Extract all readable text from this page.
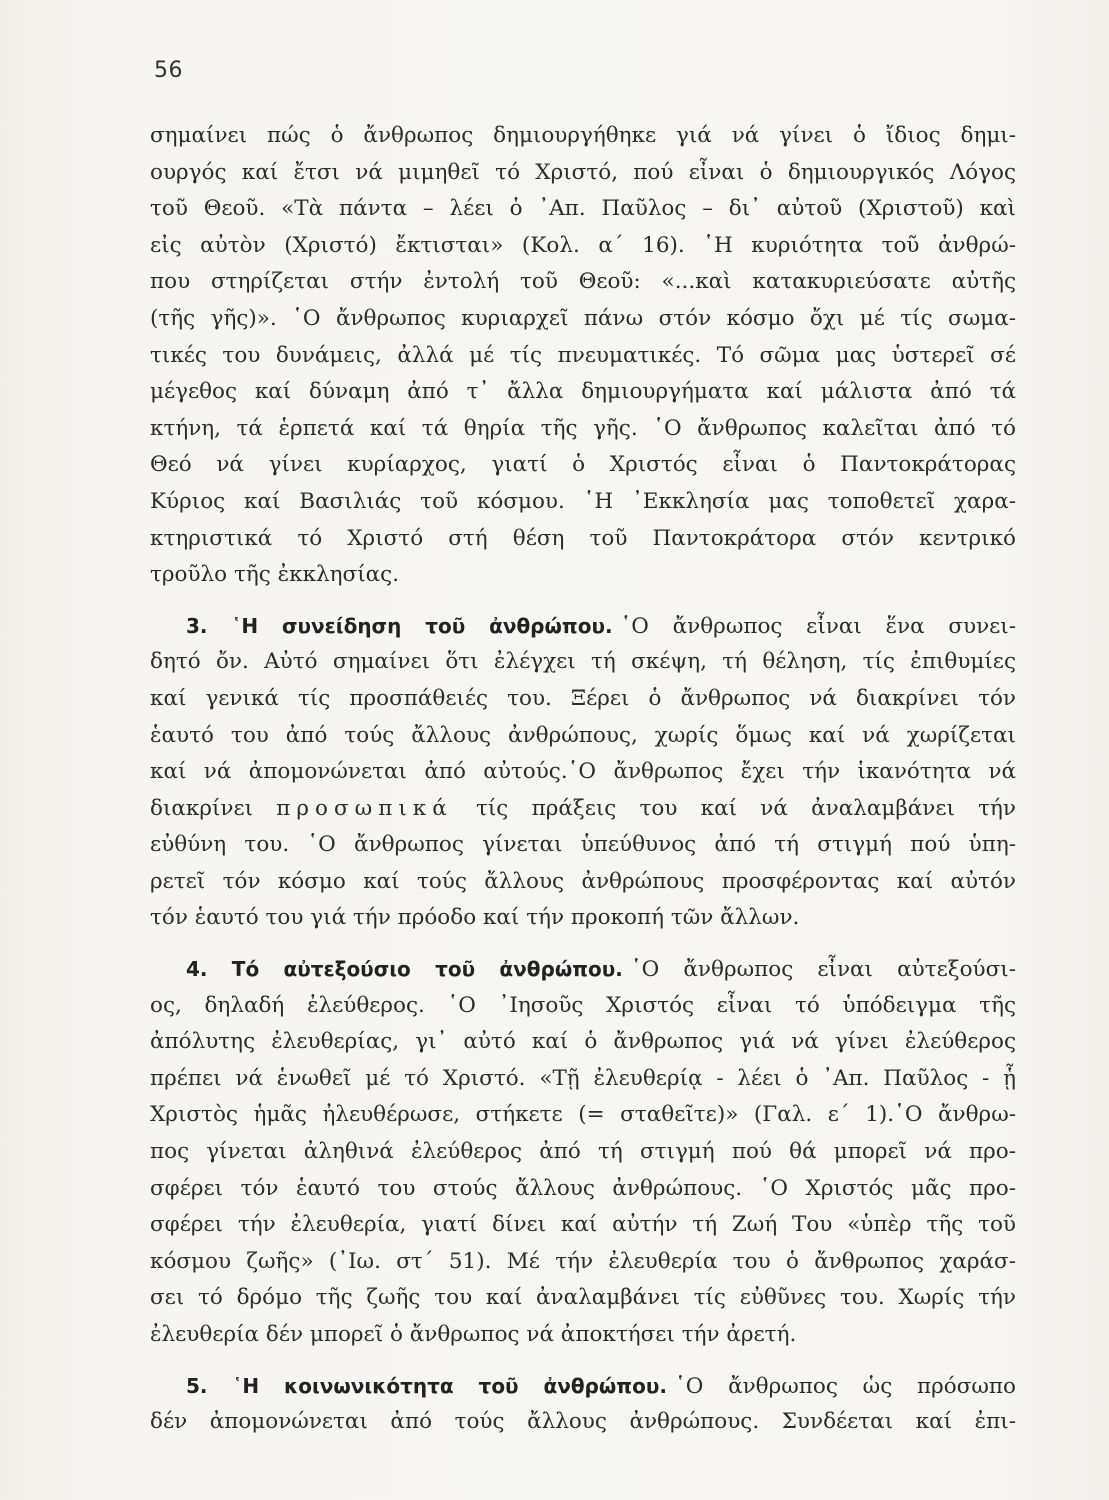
56
σημαίνει πώς ὁ ἄνθρωπος δημιουργήθηκε γιά νά γίνει ὁ ἴδιος δημι-
ουργός καί ἔτσι νά μιμηθεῖ τό Χριστό, πού εἶναι ὁ δημιουργικός Λόγος
τοῦ Θεοῦ. «Τὰ πάντα – λέει ὁ ᾿Απ. Παῦλος – δι᾿ αὐτοῦ (Χριστοῦ) καὶ
εἰς αὐτὸν (Χριστό) ἔκτισται» (Κολ. α΄ 16). ῾Η κυριότητα τοῦ ἀνθρώ-
που στηρίζεται στήν ἐντολή τοῦ Θεοῦ: «...καὶ κατακυριεύσατε αὐτῆς
(τῆς γῆς)». ῾Ο ἄνθρωπος κυριαρχεῖ πάνω στόν κόσμο ὄχι μέ τίς σωμα-
τικές του δυνάμεις, ἀλλά μέ τίς πνευματικές. Τό σῶμα μας ὑστερεῖ σέ
μέγεθος καί δύναμη ἀπό τ᾿ ἄλλα δημιουργήματα καί μάλιστα ἀπό τά
κτήνη, τά ἑρπετά καί τά θηρία τῆς γῆς. ῾Ο ἄνθρωπος καλεῖται ἀπό τό
Θεό νά γίνει κυρίαρχος, γιατί ὁ Χριστός εἶναι ὁ Παντοκράτορας
Κύριος καί Βασιλιάς τοῦ κόσμου. ῾Η ᾿Εκκλησία μας τοποθετεῖ χαρα-
κτηριστικά τό Χριστό στή θέση τοῦ Παντοκράτορα στόν κεντρικό
τροῦλο τῆς ἐκκλησίας.
3. ῾Η συνείδηση τοῦ ἀνθρώπου. ῾Ο ἄνθρωπος εἶναι ἕνα συνει-
δητό ὄν. Αὐτό σημαίνει ὅτι ἐλέγχει τή σκέψη, τή θέληση, τίς ἐπιθυμίες
καί γενικά τίς προσπάθειές του. Ξέρει ὁ ἄνθρωπος νά διακρίνει τόν
ἑαυτό του ἀπό τούς ἄλλους ἀνθρώπους, χωρίς ὅμως καί νά χωρίζεται
καί νά ἀπομονώνεται ἀπό αὐτούς.῾Ο ἄνθρωπος ἔχει τήν ἱκανότητα νά
διακρίνει προσωπικά τίς πράξεις του καί νά ἀναλαμβάνει τήν
εὐθύνη του. ῾Ο ἄνθρωπος γίνεται ὑπεύθυνος ἀπό τή στιγμή πού ὑπη-
ρετεῖ τόν κόσμο καί τούς ἄλλους ἀνθρώπους προσφέροντας καί αὐτόν
τόν ἑαυτό του γιά τήν πρόοδο καί τήν προκοπή τῶν ἄλλων.
4. Τό αὐτεξούσιο τοῦ ἀνθρώπου. ῾Ο ἄνθρωπος εἶναι αὐτεξούσι-
ος, δηλαδή ἐλεύθερος. ῾Ο ᾿Ιησοῦς Χριστός εἶναι τό ὑπόδειγμα τῆς
ἀπόλυτης ἐλευθερίας, γι᾿ αὐτό καί ὁ ἄνθρωπος γιά νά γίνει ἐλεύθερος
πρέπει νά ἑνωθεῖ μέ τό Χριστό. «Τῇ ἐλευθερίᾳ - λέει ὁ ᾿Απ. Παῦλος - ᾗ
Χριστὸς ἡμᾶς ἠλευθέρωσε, στήκετε (= σταθεῖτε)» (Γαλ. ε΄ 1).῾Ο ἄνθρω-
πος γίνεται ἀληθινά ἐλεύθερος ἀπό τή στιγμή πού θά μπορεῖ νά προ-
σφέρει τόν ἑαυτό του στούς ἄλλους ἀνθρώπους. ῾Ο Χριστός μᾶς προ-
σφέρει τήν ἐλευθερία, γιατί δίνει καί αὐτήν τή Ζωή Του «ὑπὲρ τῆς τοῦ
κόσμου ζωῆς» (᾿Ιω. στ΄ 51). Μέ τήν ἐλευθερία του ὁ ἄνθρωπος χαράσ-
σει τό δρόμο τῆς ζωῆς του καί ἀναλαμβάνει τίς εὐθῦνες του. Χωρίς τήν
ἐλευθερία δέν μπορεῖ ὁ ἄνθρωπος νά ἀποκτήσει τήν ἀρετή.
5. ῾Η κοινωνικότητα τοῦ ἀνθρώπου. ῾Ο ἄνθρωπος ὡς πρόσωπο
δέν ἀπομονώνεται ἀπό τούς ἄλλους ἀνθρώπους. Συνδέεται καί ἐπι-
